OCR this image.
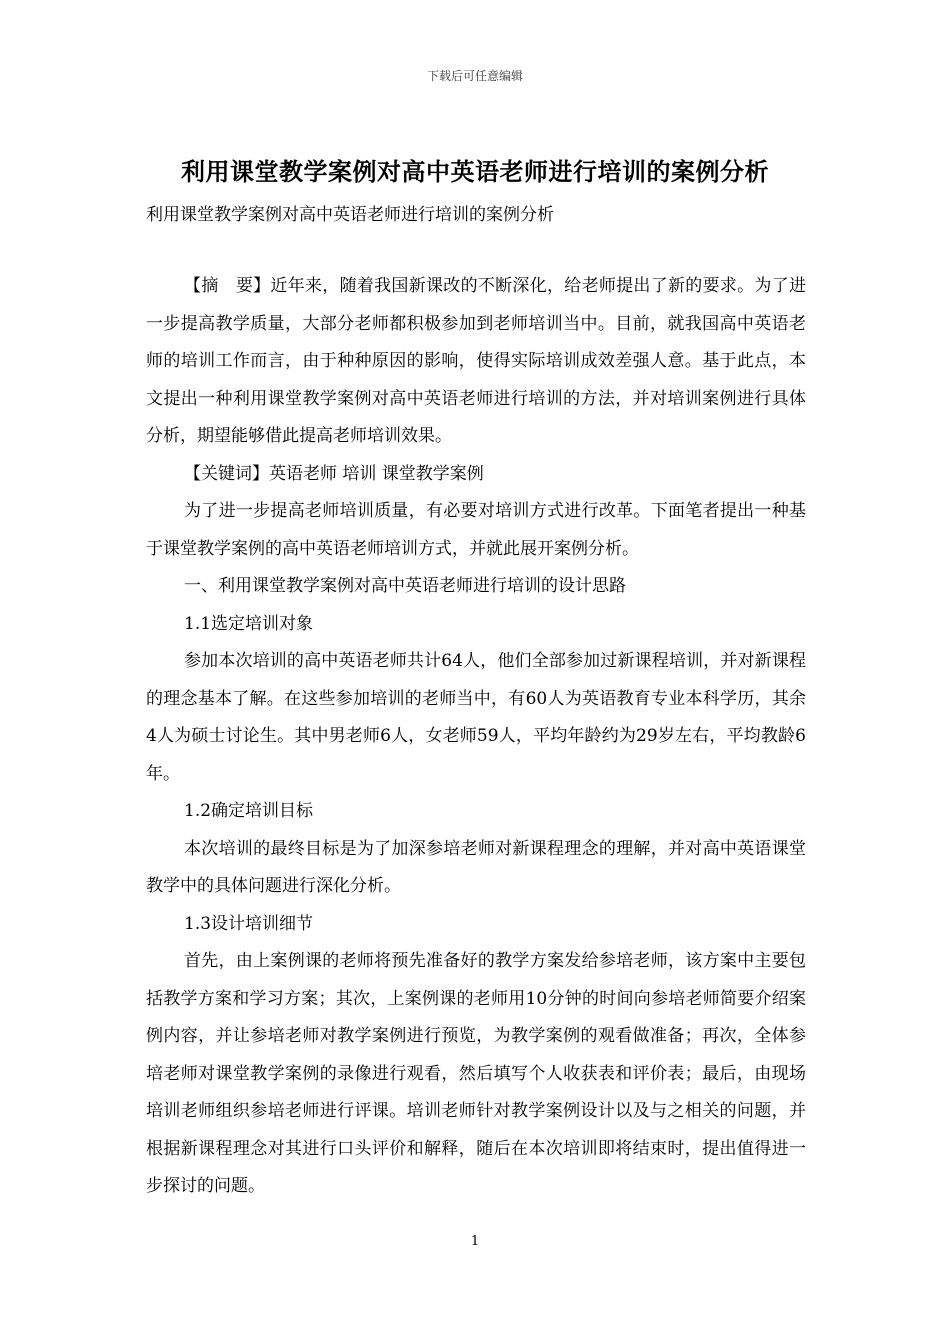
下载后可任意编辑
利用课堂教学案例对高中英语老师进行培训的案例分析
利用课堂教学案例对高中英语老师进行培训的案例分析

【摘　要】近年来，随着我国新课改的不断深化，给老师提出了新的要求。为了进一步提高教学质量，大部分老师都积极参加到老师培训当中。目前，就我国高中英语老师的培训工作而言，由于种种原因的影响，使得实际培训成效差强人意。基于此点，本文提出一种利用课堂教学案例对高中英语老师进行培训的方法，并对培训案例进行具体分析，期望能够借此提高老师培训效果。

【关键词】英语老师 培训 课堂教学案例

为了进一步提高老师培训质量，有必要对培训方式进行改革。下面笔者提出一种基于课堂教学案例的高中英语老师培训方式，并就此展开案例分析。

一、利用课堂教学案例对高中英语老师进行培训的设计思路

1.1选定培训对象

参加本次培训的高中英语老师共计64人，他们全部参加过新课程培训，并对新课程的理念基本了解。在这些参加培训的老师当中，有60人为英语教育专业本科学历，其余4人为硕士讨论生。其中男老师6人，女老师59人，平均年龄约为29岁左右，平均教龄6年。

1.2确定培训目标

本次培训的最终目标是为了加深参培老师对新课程理念的理解，并对高中英语课堂教学中的具体问题进行深化分析。

1.3设计培训细节

首先，由上案例课的老师将预先准备好的教学方案发给参培老师，该方案中主要包括教学方案和学习方案；其次，上案例课的老师用10分钟的时间向参培老师简要介绍案例内容，并让参培老师对教学案例进行预览，为教学案例的观看做准备；再次，全体参培老师对课堂教学案例的录像进行观看，然后填写个人收获表和评价表；最后，由现场培训老师组织参培老师进行评课。培训老师针对教学案例设计以及与之相关的问题，并根据新课程理念对其进行口头评价和解释，随后在本次培训即将结束时，提出值得进一步探讨的问题。

1
